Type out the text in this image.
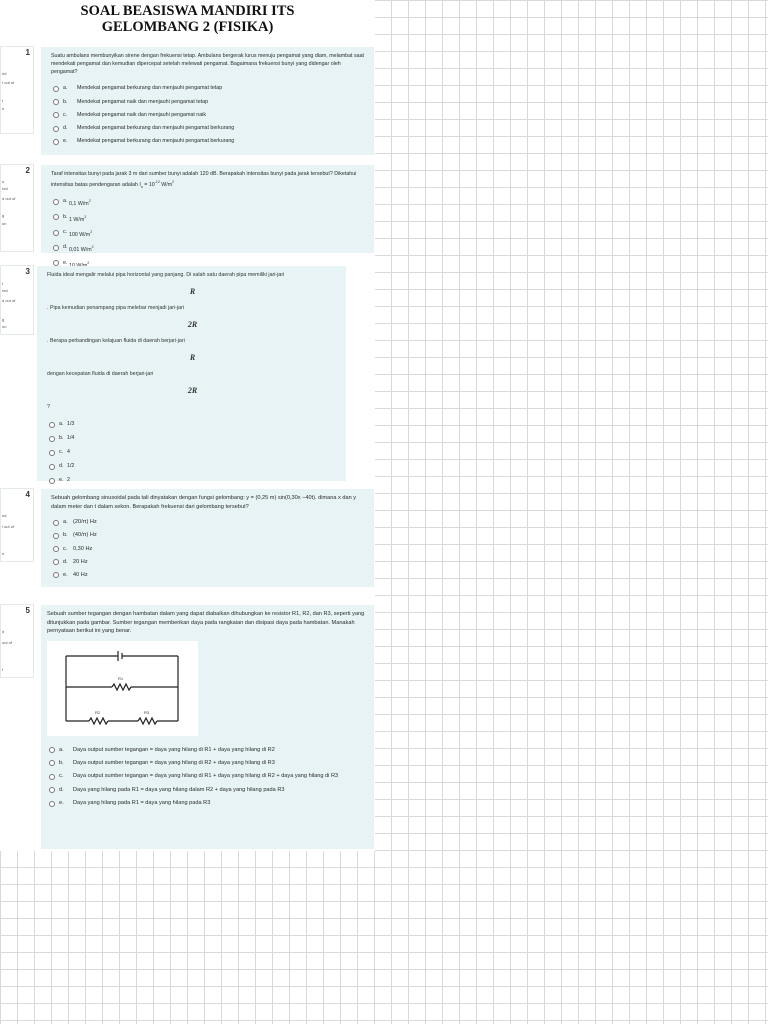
SOAL BEASISWA MANDIRI ITS
GELOMBANG 2 (FISIKA)
1
ed
t out of
t
n
Suatu ambulans membunyikan sirene dengan frekuensi tetap. Ambulans bergerak lurus menuju pengamat yang diam, melambat saat mendekati pengamat dan kemudian dipercepat setelah melewati pengamat. Bagaimana frekuensi bunyi yang didengar oleh pengamat?
a. Mendekat pengamat berkurang dan menjauhi pengamat tetap
b. Mendekat pengamat naik dan menjauhi pengamat tetap
c. Mendekat pengamat naik dan menjauhi pengamat naik
d. Mendekat pengamat berkurang dan menjauhi pengamat berkurang
e. Mendekat pengamat berkurang dan menjauhi pengamat berkurang
2
n
red
d out of
g
on
Taraf intensitas bunyi pada jarak 3 m dari sumber bunyi adalah 120 dB. Berapakah intensitas bunyi pada jarak tersebut? Diketahui intensitas batas pendengaran adalah $I_o = 10^{-12}$ $W/m^2$
a. 0,1 $W/m^2$
b. 1 $W/m^2$
c. 100 $W/m^2$
d. 0,01 $W/m^2$
e.	$^2$
3
t
red
d out of
g
on
Fluida ideal mengalir melalui pipa horizontal yang panjang. Di salah satu daerah pipa memiliki jari-jari
R
. Pipa kemudian penampang pipa melebar menjadi jari-jari
2R
. Berapa perbandingan kelajuan fluida di daerah berjari-jari
R
dengan kecepatan fluida di daerah berjari-jari
2R
?
a. 1/3
b. 1/4
c. 4
d. 1/2
e. 2
4
ed
l out of
n
Sebuah gelombang sinusoidal pada tali dinyatakan dengan fungsi gelombang: y = (0,25 m) sin(0,30x −40t). dimana x dan y dalam meter dan t dalam sekon. Berapakah frekuensi dari gelombang tersebut?
a. (20/π) Hz
b. (40/π) Hz
c. 0,30 Hz
d. 20 Hz
e. 40 Hz
5
d
out of
t
Sebuah sumber tegangan dengan hambatan dalam yang dapat diabaikan dihubungkan ke resistor R1, R2, dan R3, seperti yang ditunjukkan pada gambar. Sumber tegangan memberikan daya pada rangkaian dan disipasi daya pada hambatan. Manakah pernyataan berikut ini yang benar.
R1
R2	R3
a. Daya output sumber tegangan = daya yang hilang di R1 + daya yang hilang di R2
b. Daya output sumber tegangan = daya yang hilang di R2 + daya yang hilang di R3
c. Daya output sumber tegangan = daya yang hilang di R1 + daya yang hilang di R2 + daya yang hilang di R3
d. Daya yang hilang pada R1 = daya yang hilang dalam R2 + daya yang hilang pada R3
e. Daya yang hilang pada R1 = daya yang hilang pada R3
